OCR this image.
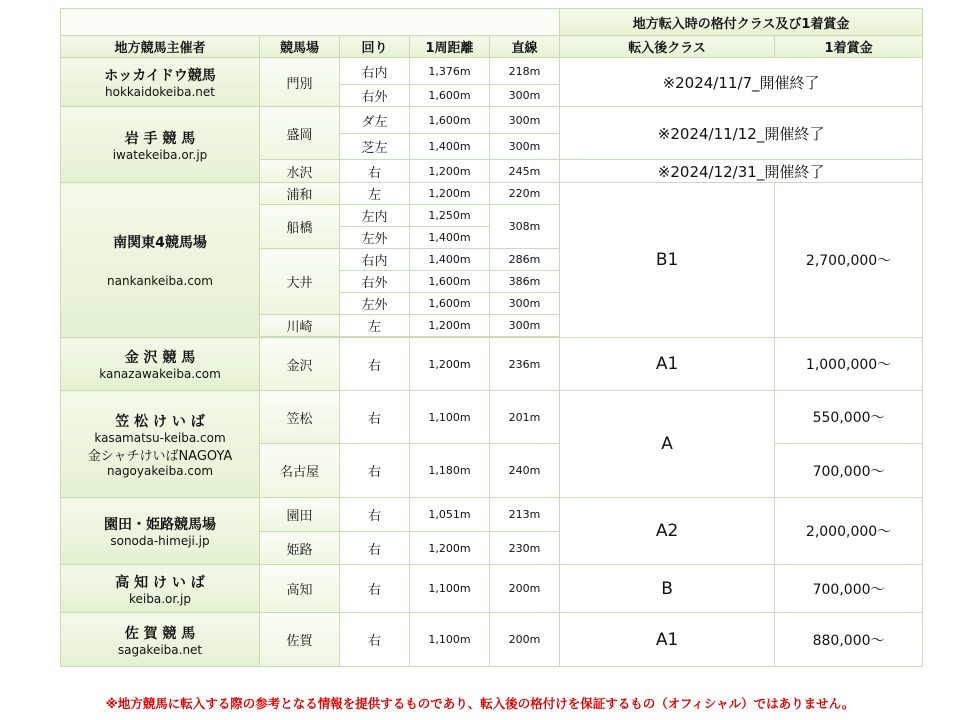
					地方転入時の格付クラス及び1着賞金	
地方競馬主催者	競馬場	回り	1周距離	直線	転入後クラス	1着賞金

ホッカイドウ競馬
hokkaidokeiba.net	門別	右内	1,376m	218m	※2024/11/7_開催終了	
		右外	1,600m	300m		

岩 手 競 馬
iwatekeiba.or.jp	盛岡	ダ左	1,600m	300m	※2024/11/12_開催終了	
		芝左	1,400m	300m		
	水沢	右	1,200m	245m	※2024/12/31_開催終了	

南関東4競馬場
nankankeiba.com	浦和	左	1,200m	220m	B1	2,700,000～
	船橋	左内	1,250m	308m		
		左外	1,400m			
	大井	右内	1,400m	286m		
		右外	1,600m	386m		
		左外	1,600m	300m		
	川崎	左	1,200m	300m		

金 沢 競 馬
kanazawakeiba.com	金沢	右	1,200m	236m	A1	1,000,000～

笠 松 け い ば
kasamatsu-keiba.com
金シャチけいばNAGOYA
nagoyakeiba.com	笠松	右	1,100m	201m	A	550,000～
	名古屋	右	1,180m	240m		700,000～

園田・姫路競馬場
sonoda-himeji.jp	園田	右	1,051m	213m	A2	2,000,000～
	姫路	右	1,200m	230m		

高 知 け い ば
keiba.or.jp	高知	右	1,100m	200m	B	700,000～

佐 賀 競 馬
sagakeiba.net	佐賀	右	1,100m	200m	A1	880,000～
※地方競馬に転入する際の参考となる情報を提供するものであり、転入後の格付けを保証するもの（オフィシャル）ではありません。
